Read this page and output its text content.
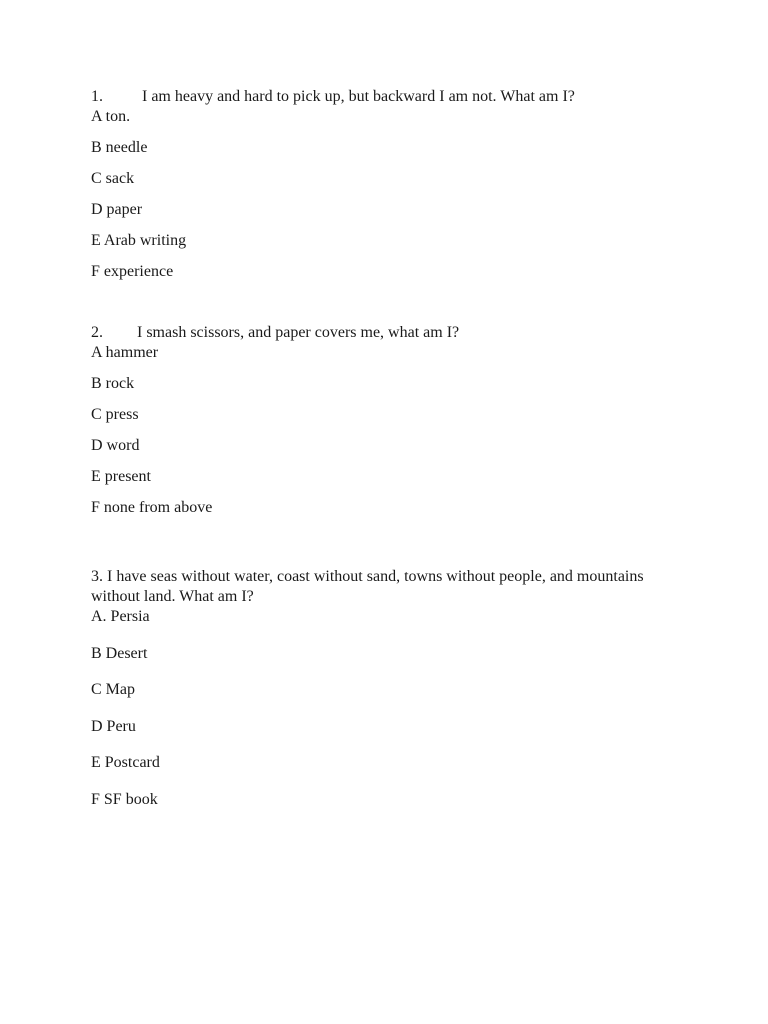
1. I am heavy and hard to pick up, but backward I am not. What am I?
A ton.
B needle
C sack
D paper
E Arab writing
F experience
2. I smash scissors, and paper covers me, what am I?
A hammer
B rock
C press
D word
E present
F none from above
3. I have seas without water, coast without sand, towns without people, and mountains without land. What am I?
A. Persia
B Desert
C Map
D Peru
E Postcard
F SF book
